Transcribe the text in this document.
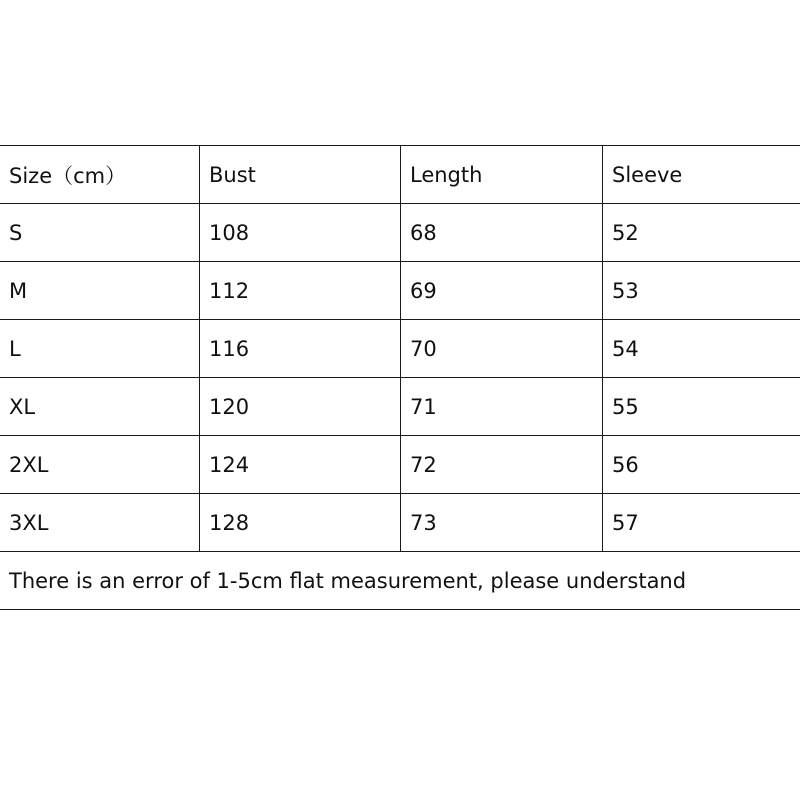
Size（cm）	Bust	Length	Sleeve
S	108	68	52
M	112	69	53
L	116	70	54
XL	120	71	55
2XL	124	72	56
3XL	128	73	57
There is an error of 1-5cm flat measurement, please understand			
